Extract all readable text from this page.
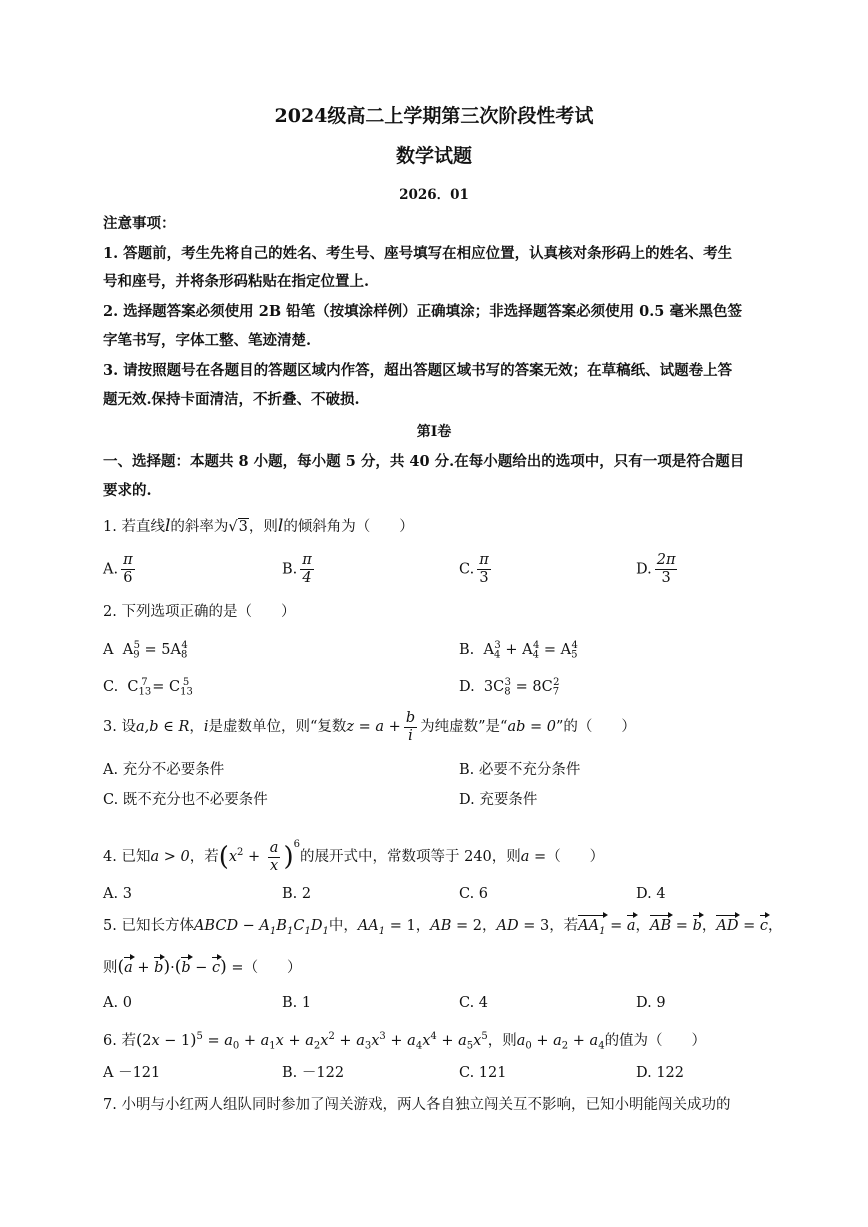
2024级高二上学期第三次阶段性考试
数学试题
2026．01
注意事项：
1. 答题前，考生先将自己的姓名、考生号、座号填写在相应位置，认真核对条形码上的姓名、考生
号和座号，并将条形码粘贴在指定位置上.
2. 选择题答案必须使用 2B 铅笔（按填涂样例）正确填涂；非选择题答案必须使用 0.5 毫米黑色签
字笔书写，字体工整、笔迹清楚.
3. 请按照题号在各题目的答题区域内作答，超出答题区域书写的答案无效；在草稿纸、试题卷上答
题无效.保持卡面清洁，不折叠、不破损.
第Ⅰ卷
一、选择题：本题共 8 小题，每小题 5 分，共 40 分.在每小题给出的选项中，只有一项是符合题目
要求的.
1. 若直线l的斜率为√3，则l的倾斜角为（　　）
A. $\frac{\pi}{6}$	B. $\frac{\pi}{4}$	C. $\frac{\pi}{3}$	D. $\frac{2\pi}{3}$
2. 下列选项正确的是（　　）
A  $A_9^5 = 5A_8^4$	B.  $A_4^3 + A_4^4 = A_5^4$
C.  $C_{13}^7 = C_{13}^5$	D.  $3C_8^3 = 8C_7^2$
3. 设a,b ∈ R，i是虚数单位，则“复数$z = a + \frac{b}{i}$ 为纯虚数”是“ab = 0”的（　　）
A. 充分不必要条件	B. 必要不充分条件
C. 既不充分也不必要条件	D. 充要条件
4. 已知a > 0，若$(x^2 + \frac{a}{x} )^6$的展开式中，常数项等于 240，则a =（　　）
A. 3	B. 2	C. 6	D. 4
5. 已知长方体ABCD − $A_1B_1C_1D_1$中，$AA_1 = 1$，AB = 2，AD = 3，若$AA_1 = a$，AB = b，AD = c，
则(a + b)·(b − c) =（　　）
A. 0	B. 1	C. 4	D. 9
6. 若$(2x - 1)^5 = a_0 + a_1x + a_2x^2 + a_3x^3 + a_4x^4 + a_5x^5$，则$a_0 + a_2 + a_4$的值为（　　）
A －121	B. －122	C. 121	D. 122
7. 小明与小红两人组队同时参加了闯关游戏，两人各自独立闯关互不影响，已知小明能闯关成功的
